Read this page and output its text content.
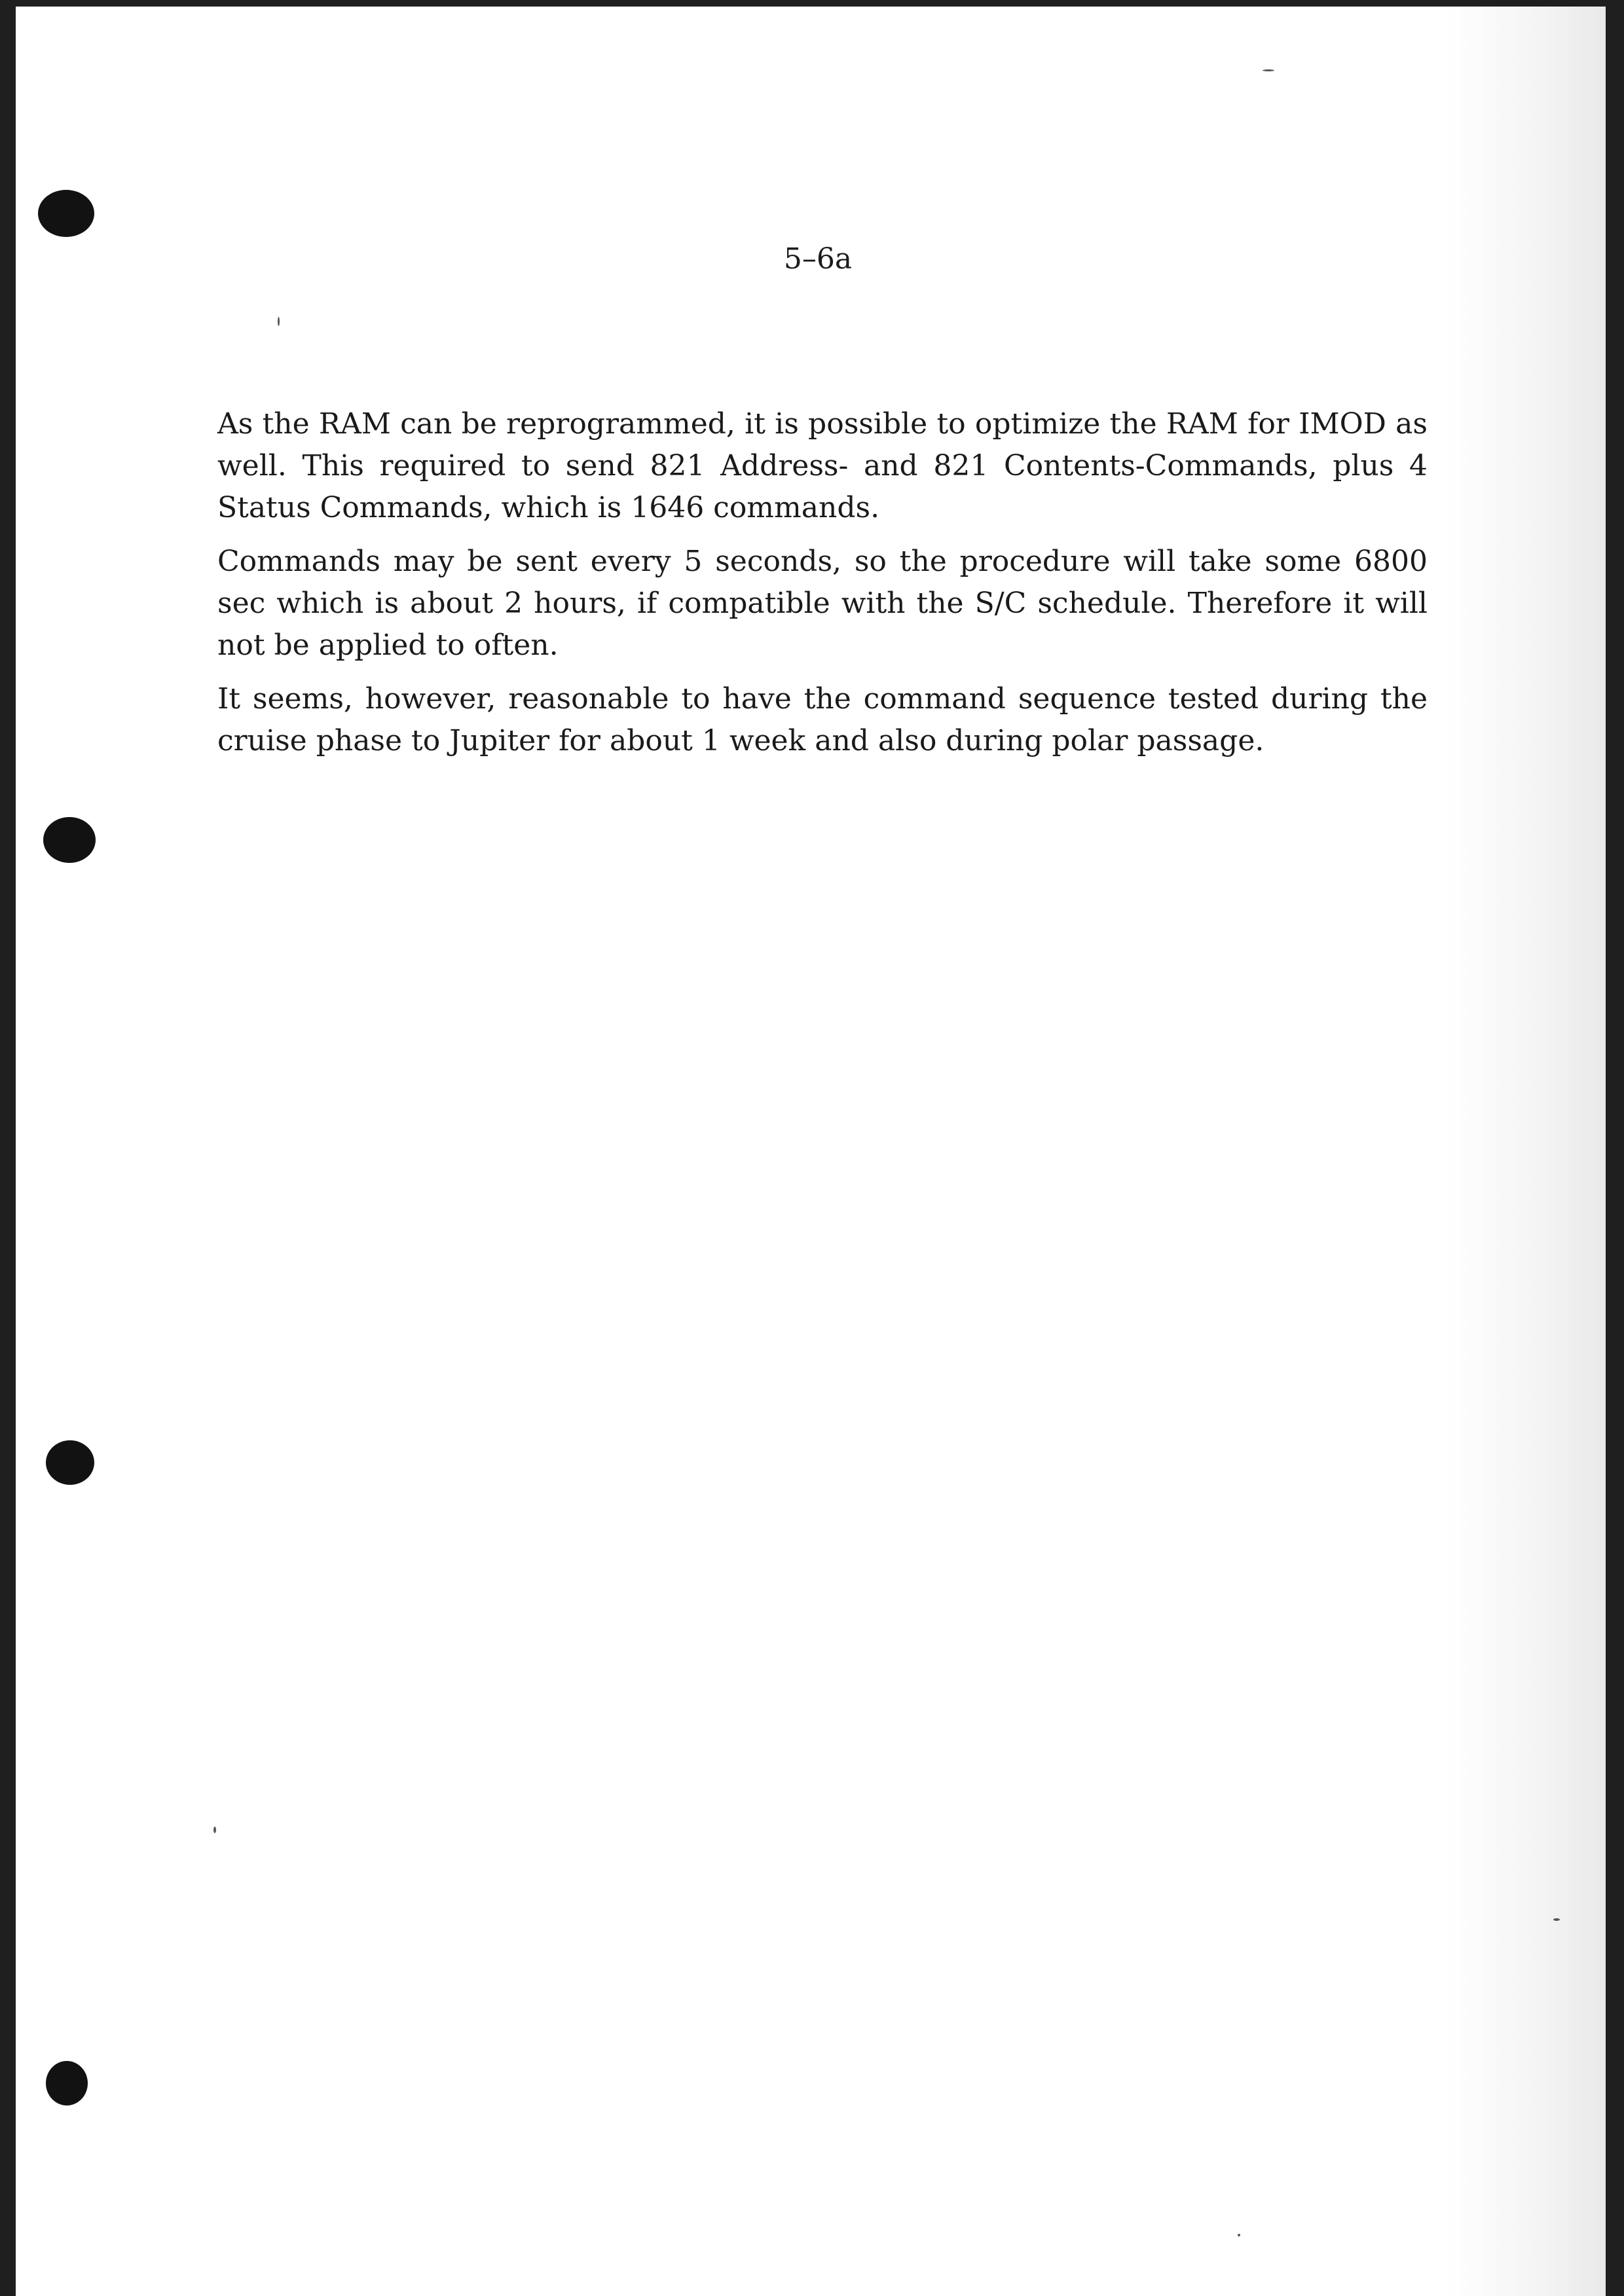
5–6a

As the RAM can be reprogrammed, it is possible to optimize the RAM for IMOD as well. This required to send 821 Address- and 821 Contents-Commands, plus 4 Status Commands, which is 1646 commands.

Commands may be sent every 5 seconds, so the procedure will take some 6800 sec which is about 2 hours, if compatible with the S/C schedule. Therefore it will not be applied to often.

It seems, however, reasonable to have the command sequence tested during the cruise phase to Jupiter for about 1 week and also during polar passage.
